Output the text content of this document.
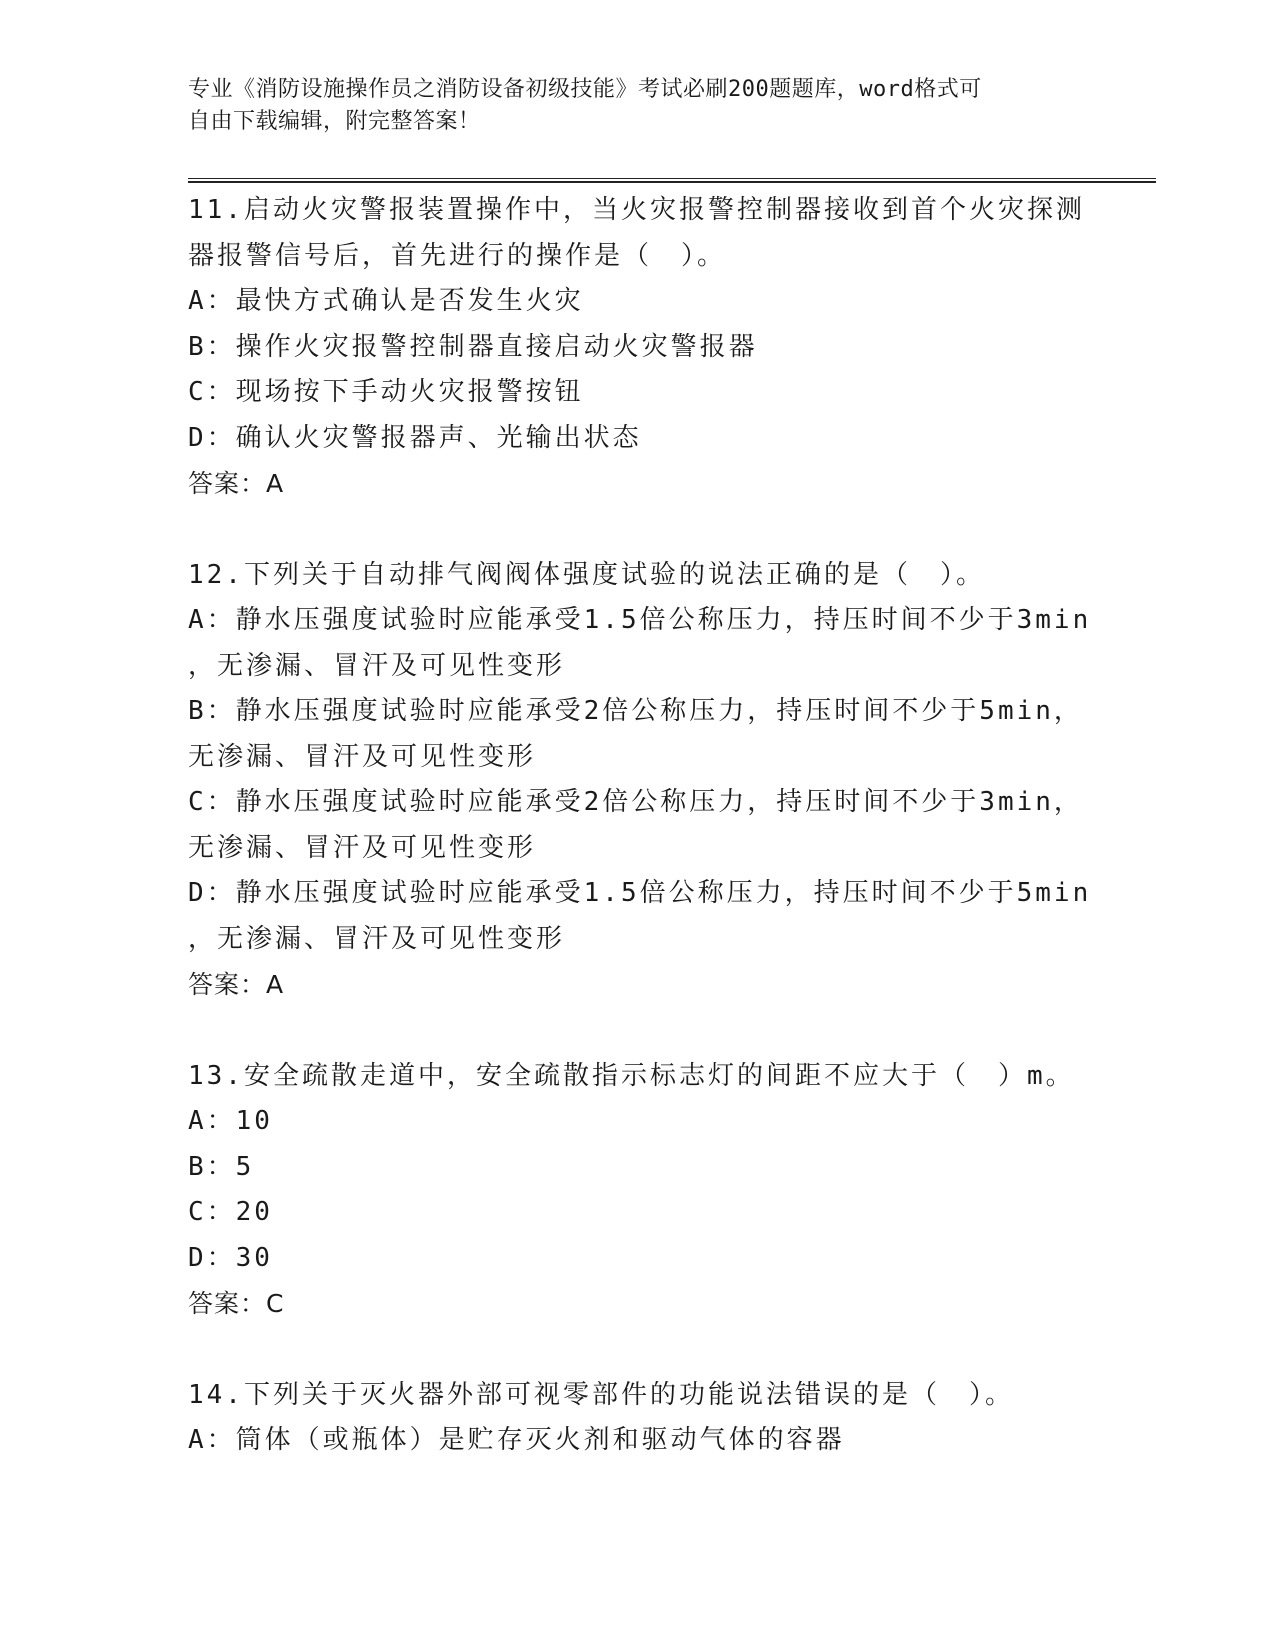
专业《消防设施操作员之消防设备初级技能》考试必刷200题题库，word格式可
自由下载编辑，附完整答案！
11.启动火灾警报装置操作中，当火灾报警控制器接收到首个火灾探测
器报警信号后，首先进行的操作是（　）。
A：最快方式确认是否发生火灾
B：操作火灾报警控制器直接启动火灾警报器
C：现场按下手动火灾报警按钮
D：确认火灾警报器声、光输出状态
答案：A
12.下列关于自动排气阀阀体强度试验的说法正确的是（　）。
A：静水压强度试验时应能承受1.5倍公称压力，持压时间不少于3min
，无渗漏、冒汗及可见性变形
B：静水压强度试验时应能承受2倍公称压力，持压时间不少于5min，
无渗漏、冒汗及可见性变形
C：静水压强度试验时应能承受2倍公称压力，持压时间不少于3min，
无渗漏、冒汗及可见性变形
D：静水压强度试验时应能承受1.5倍公称压力，持压时间不少于5min
，无渗漏、冒汗及可见性变形
答案：A
13.安全疏散走道中，安全疏散指示标志灯的间距不应大于（　）m。
A：10
B：5
C：20
D：30
答案：C
14.下列关于灭火器外部可视零部件的功能说法错误的是（　）。
A：筒体（或瓶体）是贮存灭火剂和驱动气体的容器
